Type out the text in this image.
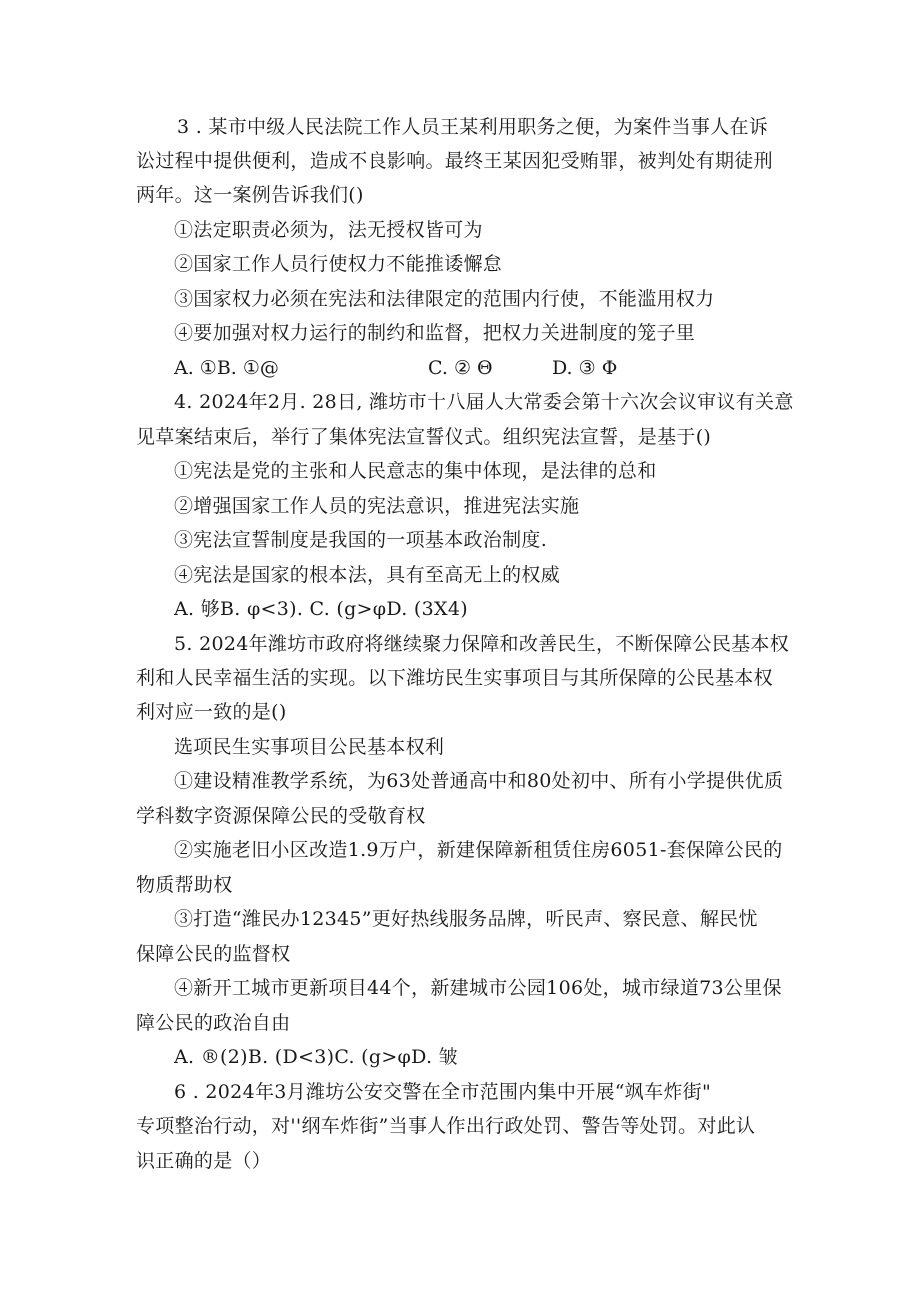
3 . 某市中级人民法院工作人员王某利用职务之便，为案件当事人在诉
讼过程中提供便利，造成不良影响。最终王某因犯受贿罪，被判处有期徒刑
两年。这一案例告诉我们()
①法定职责必须为，法无授权皆可为
②国家工作人员行使权力不能推诿懈怠
③国家权力必须在宪法和法律限定的范围内行使，不能滥用权力
④要加强对权力运行的制约和监督，把权力关进制度的笼子里
A. ①B. ①@	C. ② Θ	D. ③ Φ
4. 2024年2月. 28日, 潍坊市十八届人大常委会第十六次会议审议有关意
见草案结束后，举行了集体宪法宣誓仪式。组织宪法宣誓，是基于()
①宪法是党的主张和人民意志的集中体现，是法律的总和
②增强国家工作人员的宪法意识，推进宪法实施
③宪法宣誓制度是我国的一项基本政治制度.
④宪法是国家的根本法，具有至高无上的权威
A. 够B. φ<3). C. (g>φD. (3X4)
5. 2024年潍坊市政府将继续聚力保障和改善民生，不断保障公民基本权
利和人民幸福生活的实现。以下潍坊民生实事项目与其所保障的公民基本权
利对应一致的是()
选项民生实事项目公民基本权利
①建设精准教学系统，为63处普通高中和80处初中、所有小学提供优质
学科数字资源保障公民的受敬育权
②实施老旧小区改造1.9万户，新建保障新租赁住房6051-套保障公民的
物质帮助权
③打造“潍民办12345”更好热线服务品牌，听民声、察民意、解民忧
保障公民的监督权
④新开工城市更新项目44个，新建城市公园106处，城市绿道73公里保
障公民的政治自由
A. ®(2)B. (D<3)C. (g>φD. 皱
6 . 2024年3月潍坊公安交警在全市范围内集中开展“飒车炸街"
专项整治行动，对''纲车炸街”当事人作出行政处罚、警告等处罚。对此认
识正确的是（）
